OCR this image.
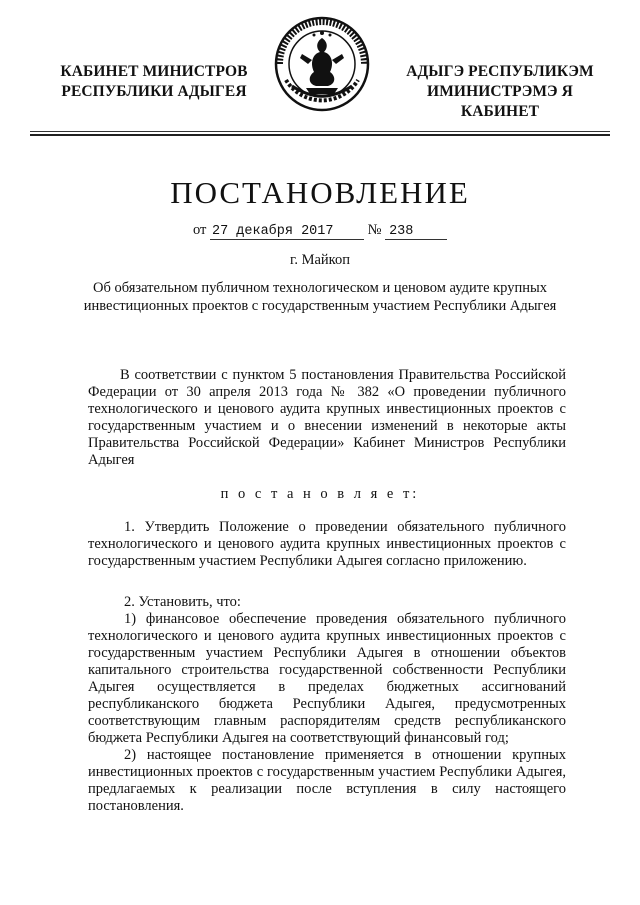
КАБИНЕТ МИНИСТРОВ
РЕСПУБЛИКИ АДЫГЕЯ
АДЫГЭ РЕСПУБЛИКЭМ
ИМИНИСТРЭМЭ Я КАБИНЕТ
ПОСТАНОВЛЕНИЕ
от 27 декабря 2017 № 238
г. Майкоп
Об обязательном публичном технологическом и ценовом аудите крупных инвестиционных проектов с государственным участием Республики Адыгея

В соответствии с пунктом 5 постановления Правительства Российской Федерации от 30 апреля 2013 года № 382 «О проведении публичного технологического и ценового аудита крупных инвестиционных проектов с государственным участием и о внесении изменений в некоторые акты Правительства Российской Федерации» Кабинет Министров Республики Адыгея

п о с т а н о в л я е т:

1. Утвердить Положение о проведении обязательного публичного технологического и ценового аудита крупных инвестиционных проектов с государственным участием Республики Адыгея согласно приложению.

2. Установить, что:

1) финансовое обеспечение проведения обязательного публичного технологического и ценового аудита крупных инвестиционных проектов с государственным участием Республики Адыгея в отношении объектов капитального строительства государственной собственности Республики Адыгея осуществляется в пределах бюджетных ассигнований республиканского бюджета Республики Адыгея, предусмотренных соответствующим главным распорядителям средств республиканского бюджета Республики Адыгея на соответствующий финансовый год;

2) настоящее постановление применяется в отношении крупных инвестиционных проектов с государственным участием Республики Адыгея, предлагаемых к реализации после вступления в силу настоящего постановления.
